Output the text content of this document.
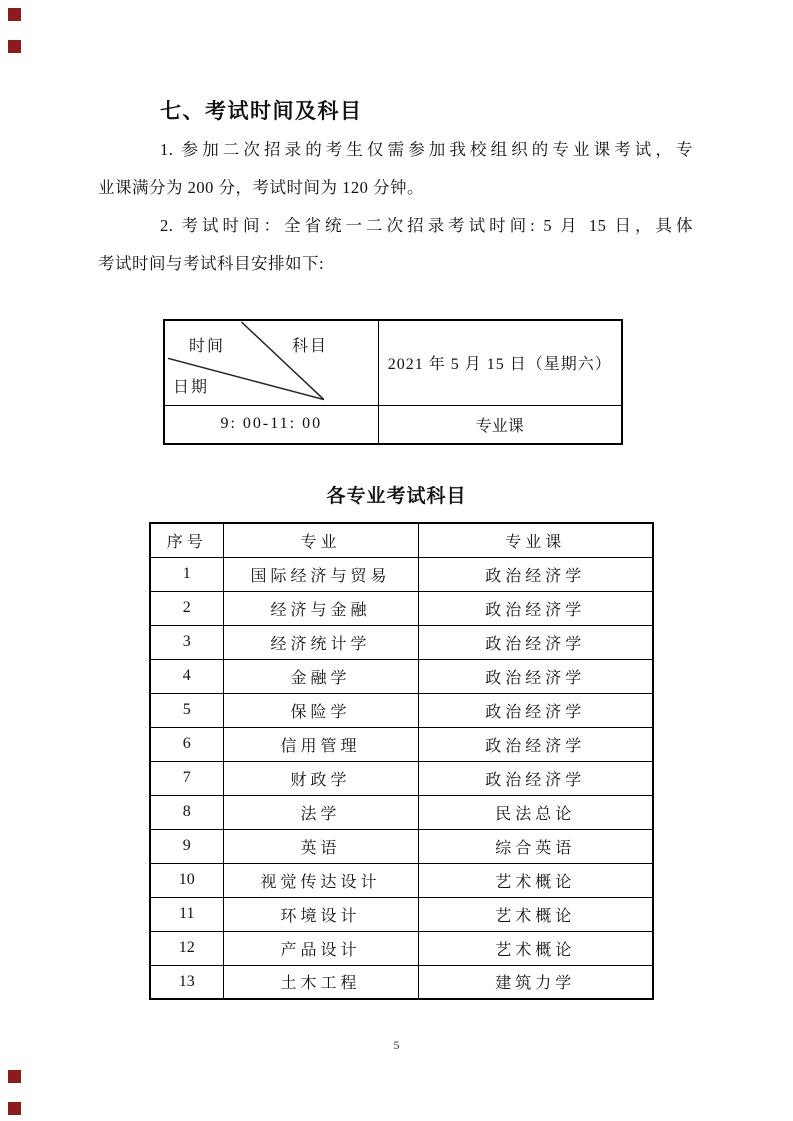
七、考试时间及科目
1. 参加二次招录的考生仅需参加我校组织的专业课考试，专
业课满分为 200 分，考试时间为 120 分钟。
2. 考试时间：全省统一二次招录考试时间: 5 月 15 日，具体
考试时间与考试科目安排如下:
时间 科目
日期	2021 年 5 月 15 日（星期六）
9: 00-11: 00	专业课
各专业考试科目
序号	专业	专业课
1	国际经济与贸易	政治经济学
2	经济与金融	政治经济学
3	经济统计学	政治经济学
4	金融学	政治经济学
5	保险学	政治经济学
6	信用管理	政治经济学
7	财政学	政治经济学
8	法学	民法总论
9	英语	综合英语
10	视觉传达设计	艺术概论
11	环境设计	艺术概论
12	产品设计	艺术概论
13	土木工程	建筑力学
5
